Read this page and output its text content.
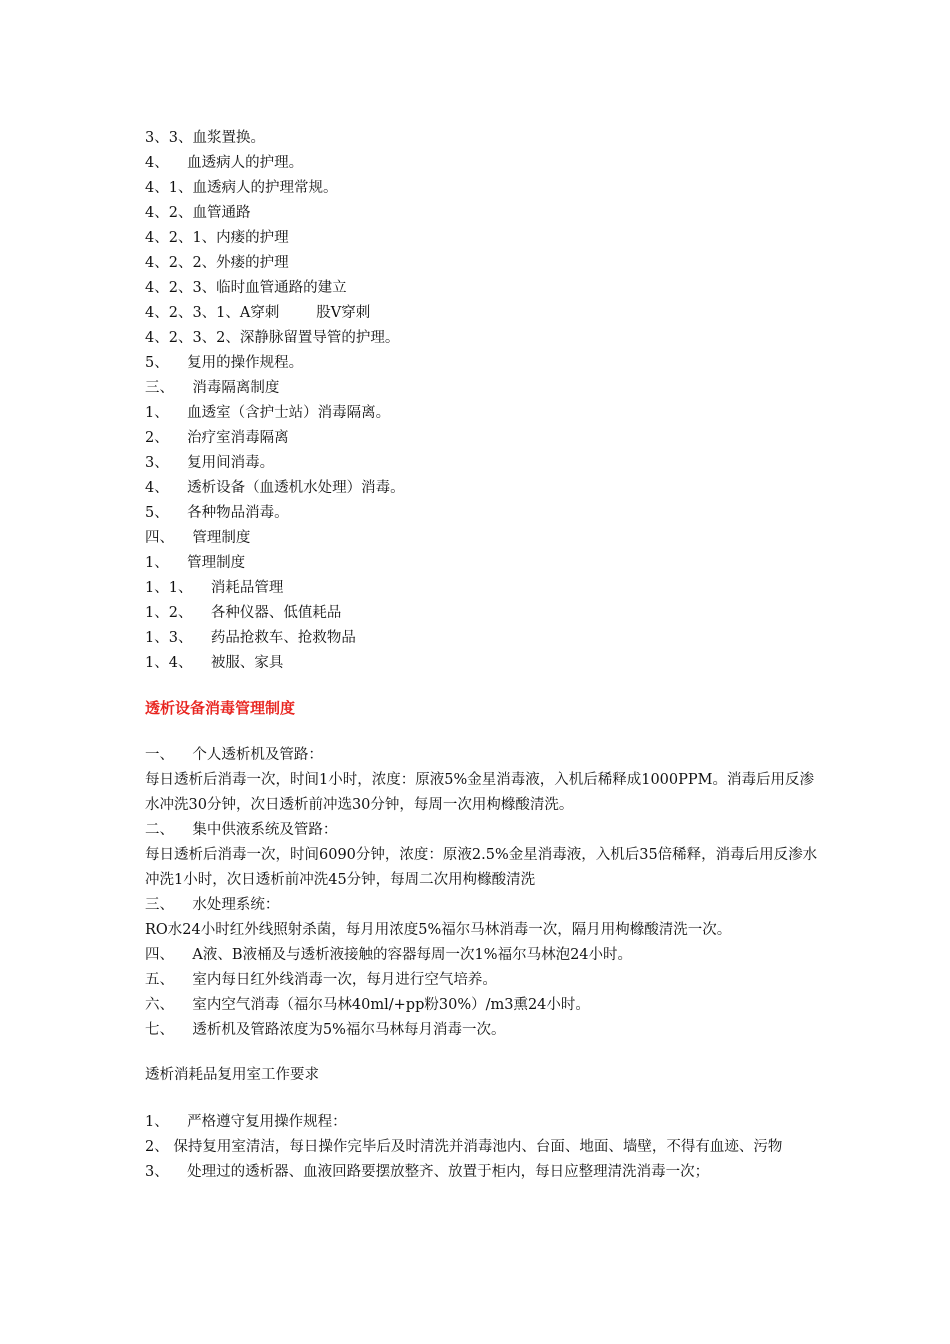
3、3、血浆置换。
4、    血透病人的护理。
4、1、血透病人的护理常规。
4、2、血管通路
4、2、1、内瘘的护理
4、2、2、外瘘的护理
4、2、3、临时血管通路的建立
4、2、3、1、A穿刺        股V穿刺
4、2、3、2、深静脉留置导管的护理。
5、    复用的操作规程。
三、    消毒隔离制度
1、    血透室（含护士站）消毒隔离。
2、    治疗室消毒隔离
3、    复用间消毒。
4、    透析设备（血透机水处理）消毒。
5、    各种物品消毒。
四、    管理制度
1、    管理制度
1、1、    消耗品管理
1、2、    各种仪器、低值耗品
1、3、    药品抢救车、抢救物品
1、4、    被服、家具
透析设备消毒管理制度
一、    个人透析机及管路：
每日透析后消毒一次，时间1小时，浓度：原液5%金星消毒液，入机后稀释成1000PPM。消毒后用反渗水冲洗30分钟，次日透析前冲选30分钟，每周一次用枸橼酸清洗。
二、    集中供液系统及管路：
每日透析后消毒一次，时间6090分钟，浓度：原液2.5%金星消毒液，入机后35倍稀释，消毒后用反渗水冲洗1小时，次日透析前冲洗45分钟，每周二次用枸橼酸清洗
三、    水处理系统：
RO水24小时红外线照射杀菌，每月用浓度5%福尔马林消毒一次，隔月用枸橼酸清洗一次。
四、    A液、B液桶及与透析液接触的容器每周一次1%福尔马林泡24小时。
五、    室内每日红外线消毒一次，每月进行空气培养。
六、    室内空气消毒（福尔马林40ml/+pp粉30%）/m3熏24小时。
七、    透析机及管路浓度为5%福尔马林每月消毒一次。
透析消耗品复用室工作要求
1、    严格遵守复用操作规程：
2、 保持复用室清洁，每日操作完毕后及时清洗并消毒池内、台面、地面、墙壁，不得有血迹、污物
3、    处理过的透析器、血液回路要摆放整齐、放置于柜内，每日应整理清洗消毒一次；
